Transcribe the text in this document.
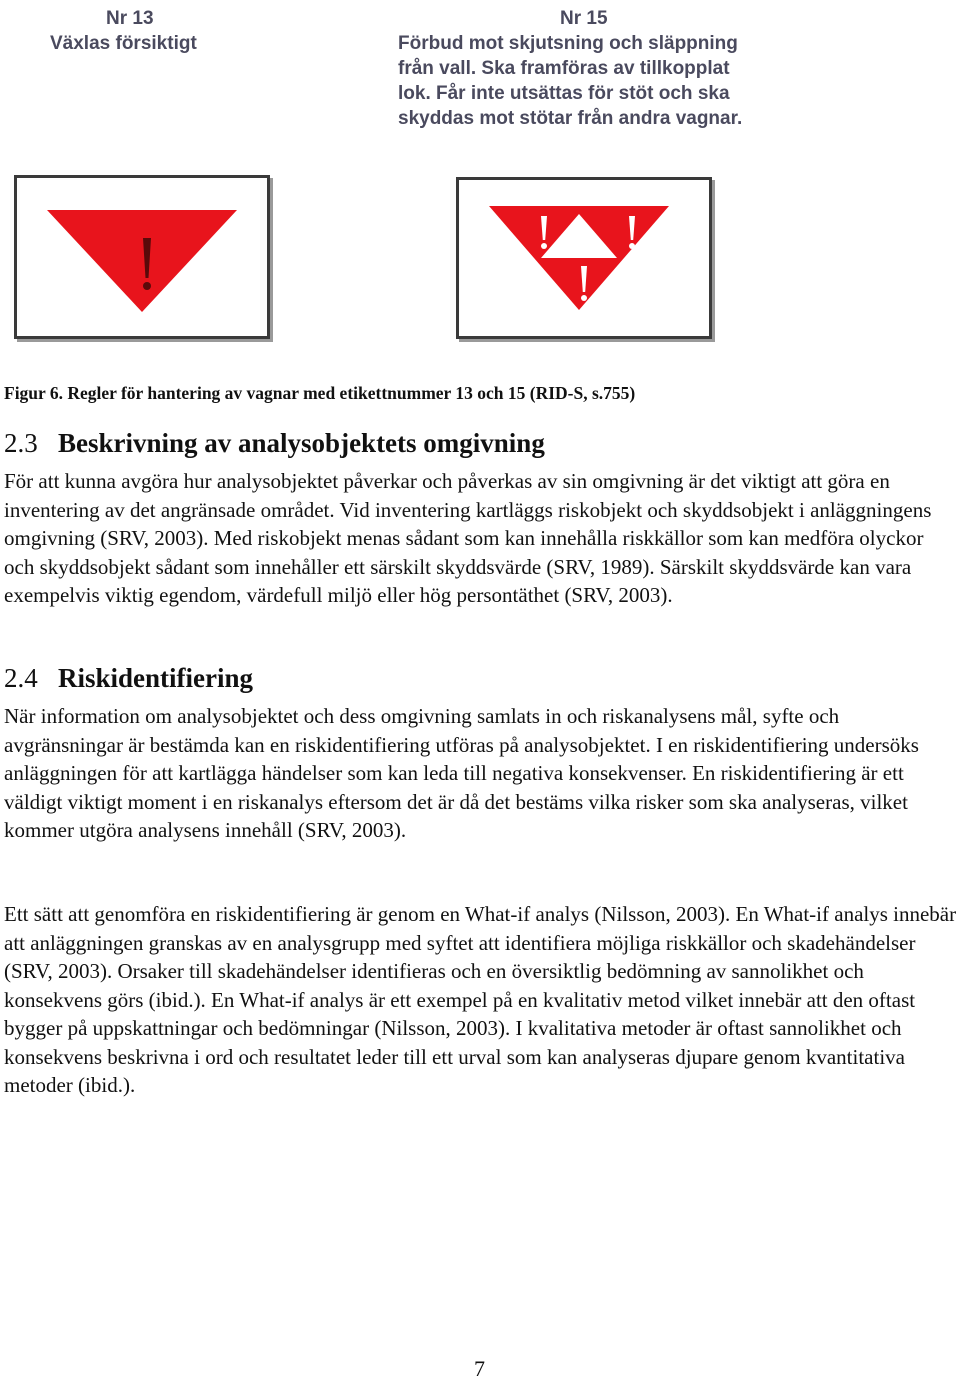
Nr 13
Växlas försiktigt
Nr 15
Förbud mot skjutsning och släppning
från vall. Ska framföras av tillkopplat
lok. Får inte utsättas för stöt och ska
skyddas mot stötar från andra vagnar.
Figur 6. Regler för hantering av vagnar med etikettnummer 13 och 15 (RID-S, s.755)
2.3 Beskrivning av analysobjektets omgivning
För att kunna avgöra hur analysobjektet påverkar och påverkas av sin omgivning är det viktigt att göra en inventering av det angränsade området. Vid inventering kartläggs riskobjekt och skyddsobjekt i anläggningens omgivning (SRV, 2003). Med riskobjekt menas sådant som kan innehålla riskkällor som kan medföra olyckor och skyddsobjekt sådant som innehåller ett särskilt skyddsvärde (SRV, 1989). Särskilt skyddsvärde kan vara exempelvis viktig egendom, värdefull miljö eller hög persontäthet (SRV, 2003).
2.4 Riskidentifiering
När information om analysobjektet och dess omgivning samlats in och riskanalysens mål, syfte och avgränsningar är bestämda kan en riskidentifiering utföras på analysobjektet. I en riskidentifiering undersöks anläggningen för att kartlägga händelser som kan leda till negativa konsekvenser. En riskidentifiering är ett väldigt viktigt moment i en riskanalys eftersom det är då det bestäms vilka risker som ska analyseras, vilket kommer utgöra analysens innehåll (SRV, 2003).
Ett sätt att genomföra en riskidentifiering är genom en What-if analys (Nilsson, 2003). En What-if analys innebär att anläggningen granskas av en analysgrupp med syftet att identifiera möjliga riskkällor och skadehändelser (SRV, 2003). Orsaker till skadehändelser identifieras och en översiktlig bedömning av sannolikhet och konsekvens görs (ibid.). En What-if analys är ett exempel på en kvalitativ metod vilket innebär att den oftast bygger på uppskattningar och bedömningar (Nilsson, 2003). I kvalitativa metoder är oftast sannolikhet och konsekvens beskrivna i ord och resultatet leder till ett urval som kan analyseras djupare genom kvantitativa metoder (ibid.).
7
